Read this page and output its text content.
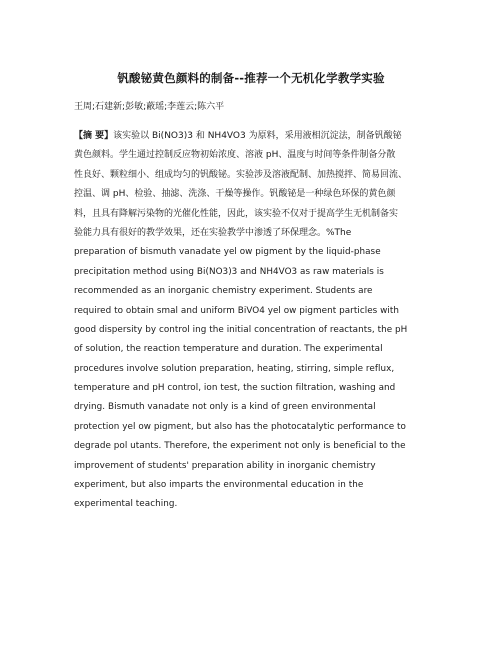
钒酸铋黄色颜料的制备--推荐一个无机化学教学实验
王周;石建新;彭敏;蔽瑶;李莲云;陈六平
【摘 要】该实验以 Bi(NO3)3 和 NH4VO3 为原料，采用液相沉淀法，制备钒酸铋
黄色颜料。学生通过控制反应物初始浓度、溶液 pH、温度与时间等条件制备分散
性良好、颗粒细小、组成均匀的钒酸铋。实验涉及溶液配制、加热搅拌、简易回流、
控温、调 pH、检验、抽滤、洗涤、干燥等操作。钒酸铋是一种绿色环保的黄色颜
料，且具有降解污染物的光催化性能，因此，该实验不仅对于提高学生无机制备实
验能力具有很好的教学效果，还在实验教学中渗透了环保理念。%The
preparation of bismuth vanadate yel ow pigment by the liquid-phase
precipitation method using Bi(NO3)3 and NH4VO3 as raw materials is
recommended as an inorganic chemistry experiment. Students are
required to obtain smal and uniform BiVO4 yel ow pigment particles with
good dispersity by control ing the initial concentration of reactants, the pH
of solution, the reaction temperature and duration. The experimental
procedures involve solution preparation, heating, stirring, simple reflux,
temperature and pH control, ion test, the suction filtration, washing and
drying. Bismuth vanadate not only is a kind of green environmental
protection yel ow pigment, but also has the photocatalytic performance to
degrade pol utants. Therefore, the experiment not only is beneficial to the
improvement of students' preparation ability in inorganic chemistry
experiment, but also imparts the environmental education in the
experimental teaching.
